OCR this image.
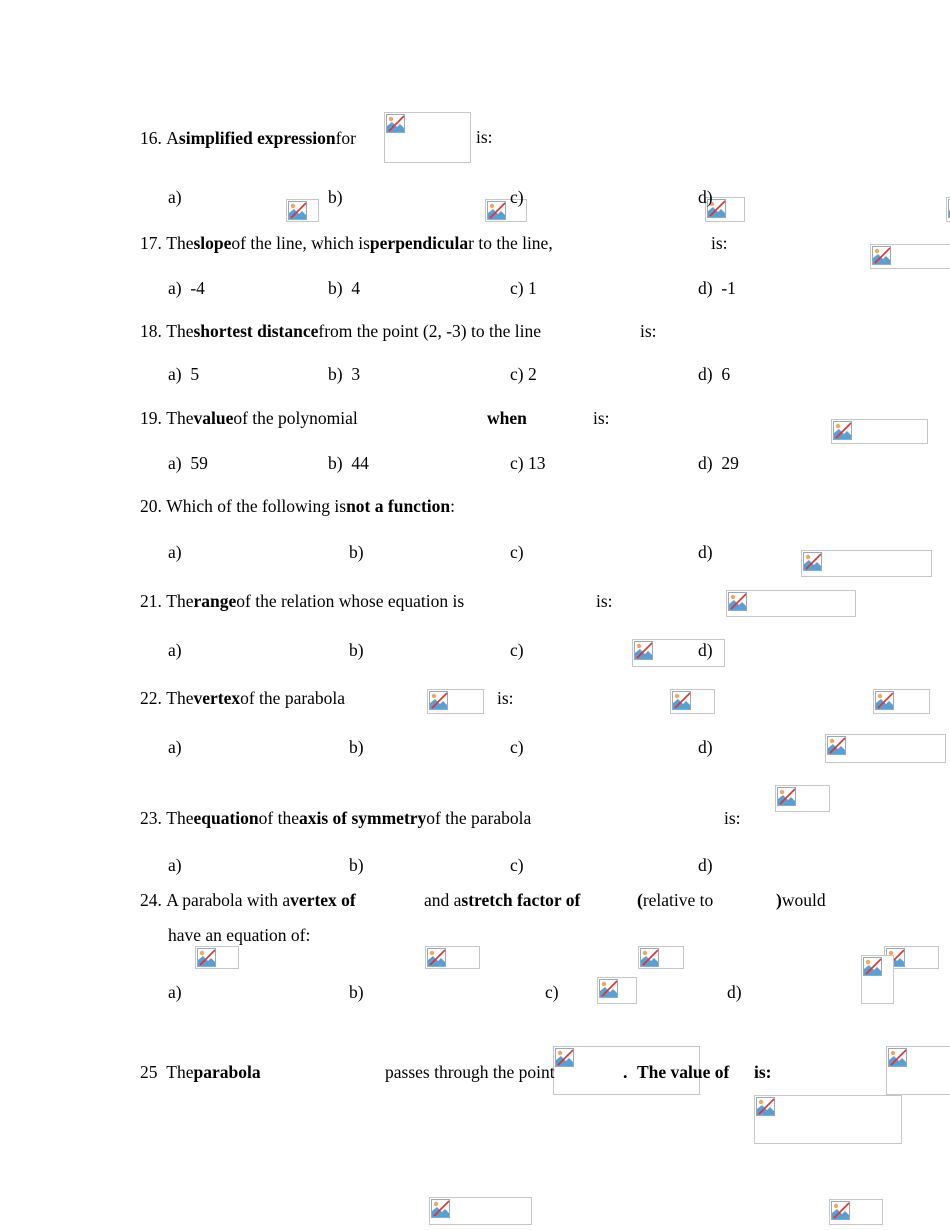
16.
A simplified expression for
	is:
a)
	b)
	c)
	d)

17.
The slope of the line, which is perpendicula r to the line,
	is:
a) -4	b) 4	c) 1	d) -1
18.
The shortest distance from the point (2, -3) to the line
	is:
a) 5	b) 3	c) 2	d) 6
19.
The value of the polynomial
	when
	is:
a) 59	b) 44	c) 13	d) 29
20.
Which of the following is not a function :
a)
	b)
	c)
	d)

21.
The range of the relation whose equation is
	is:
a)
	b)
	c)
	d)

22.
The vertex of the parabola
	is:
a)
	b)
	c)
	d)

23.
The equation of the axis of symmetry of the parabola
	is:
a)
	b)
	c)
	d)

24.
A parabola with a vertex of
	and a stretch factor of
	( relative to
	) would
have an equation of:
a)
	b)
	c)
	d)

25
The parabola
	passes through the point
	. The value of is:
